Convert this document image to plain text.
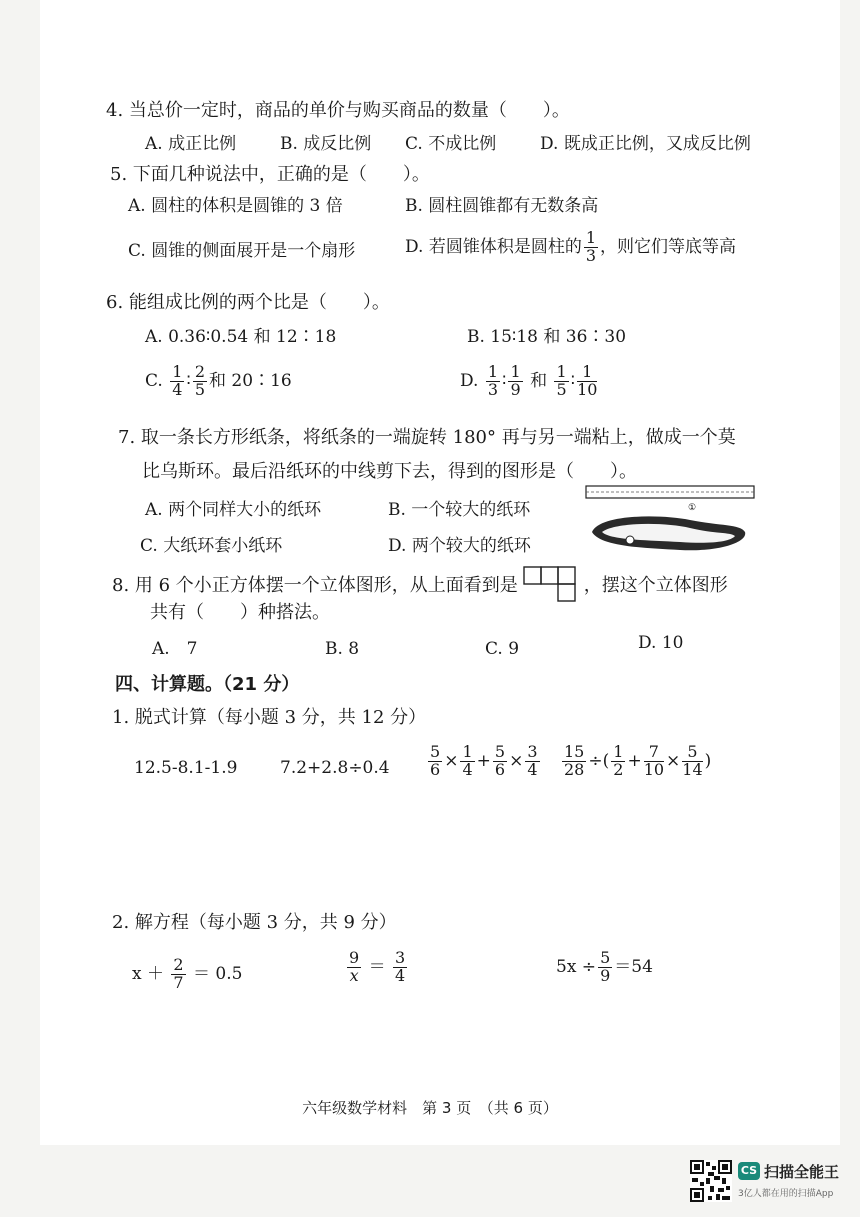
4. 当总价一定时，商品的单价与购买商品的数量（　　）。
A. 成正比例	B. 成反比例 C. 不成比例	D. 既成正比例，又成反比例
5. 下面几种说法中，正确的是（　　）。
A. 圆柱的体积是圆锥的 3 倍	B. 圆柱圆锥都有无数条高
C. 圆锥的侧面展开是一个扇形	D. 若圆锥体积是圆柱的 $\frac{1}{3}$ ，则它们等底等高
6. 能组成比例的两个比是（　　）。
A. 0.36∶0.54 和 12∶18	B. 15∶18 和 36∶30
C. $\frac{1}{4}$ ∶ $\frac{2}{5}$ 和 20∶16	D. $\frac{1}{3}$ ∶ $\frac{1}{9}$ 和 $\frac{1}{5}$ ∶ $\frac{1}{10}$
7. 取一条长方形纸条，将纸条的一端旋转 180° 再与另一端粘上，做成一个莫
比乌斯环。最后沿纸环的中线剪下去，得到的图形是（　　）。
A. 两个同样大小的纸环	B. 一个较大的纸环
C. 大纸环套小纸环	D. 两个较大的纸环
①
8. 用 6 个小正方体摆一个立体图形，从上面看到是	，摆这个立体图形
共有（　　）种搭法。
A.　7	B. 8	C. 9	D. 10
四、计算题。（21 分）
1. 脱式计算（每小题 3 分，共 12 分）
12.5-8.1-1.9	$7.2+2.8\div 0.4 \frac{5}{6} \times \frac{1}{4} + \frac{5}{6} \times \frac{3}{4} \frac{15}{28}$ ÷( $\frac{1}{2} + \frac{7}{10} \times \frac{5}{14}$ )
2. 解方程（每小题 3 分，共 9 分）
$x + \frac{2}{7} = 0.5$	$\frac{9}{x} = \frac{3}{4}$	$5x \div \frac{5}{9} =54$
六年级数学材料　第 3 页　（共 6 页）
CS 扫描全能王
3亿人都在用的扫描App
